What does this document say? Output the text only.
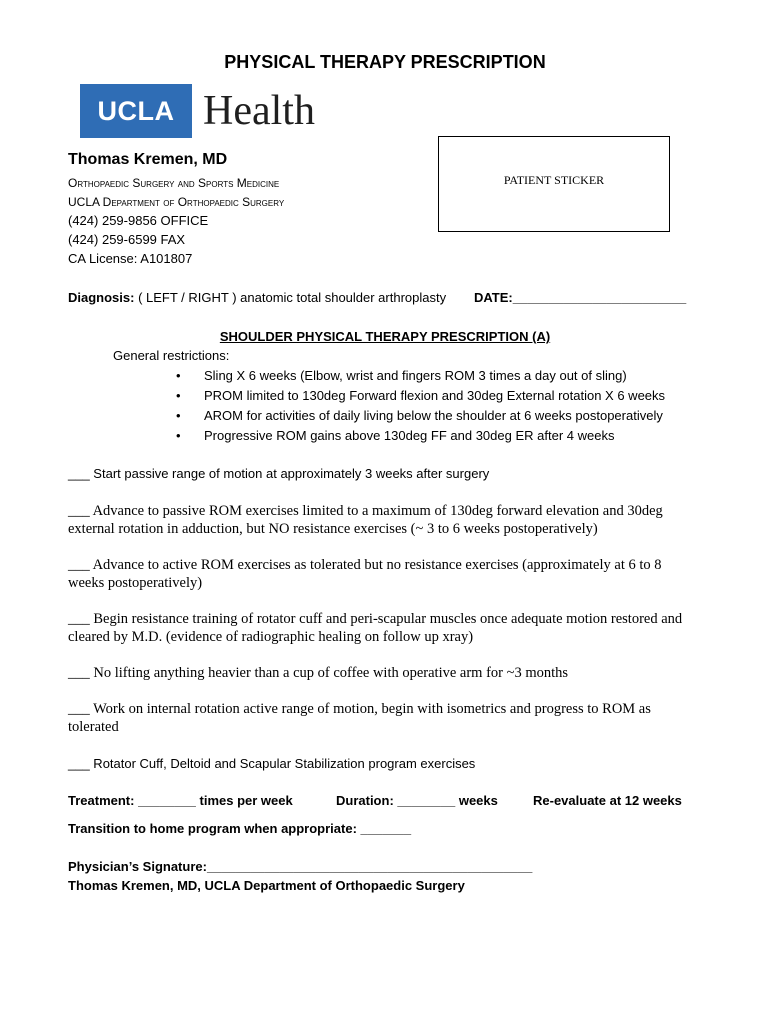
PHYSICAL THERAPY PRESCRIPTION
UCLA Health
Thomas Kremen, MD
Orthopaedic Surgery and Sports Medicine
UCLA Department of Orthopaedic Surgery
(424) 259-9856 OFFICE
(424) 259-6599 FAX
CA License: A101807
PATIENT STICKER
Diagnosis: ( LEFT / RIGHT ) anatomic total shoulder arthroplasty DATE:________________________
SHOULDER PHYSICAL THERAPY PRESCRIPTION (A)
General restrictions:
• Sling X 6 weeks (Elbow, wrist and fingers ROM 3 times a day out of sling)
• PROM limited to 130deg Forward flexion and 30deg External rotation X 6 weeks
• AROM for activities of daily living below the shoulder at 6 weeks postoperatively
• Progressive ROM gains above 130deg FF and 30deg ER after 4 weeks
___ Start passive range of motion at approximately 3 weeks after surgery
___ Advance to passive ROM exercises limited to a maximum of 130deg forward elevation and 30deg external rotation in adduction, but NO resistance exercises (~ 3 to 6 weeks postoperatively)
___ Advance to active ROM exercises as tolerated but no resistance exercises (approximately at 6 to 8 weeks postoperatively)
___ Begin resistance training of rotator cuff and peri-scapular muscles once adequate motion restored and cleared by M.D. (evidence of radiographic healing on follow up xray)
___ No lifting anything heavier than a cup of coffee with operative arm for ~3 months
___ Work on internal rotation active range of motion, begin with isometrics and progress to ROM as tolerated
___ Rotator Cuff, Deltoid and Scapular Stabilization program exercises
Treatment: ________ times per week	Duration: ________ weeks	Re-evaluate at 12 weeks
Transition to home program when appropriate: _______
Physician’s Signature:_____________________________________________
Thomas Kremen, MD, UCLA Department of Orthopaedic Surgery
